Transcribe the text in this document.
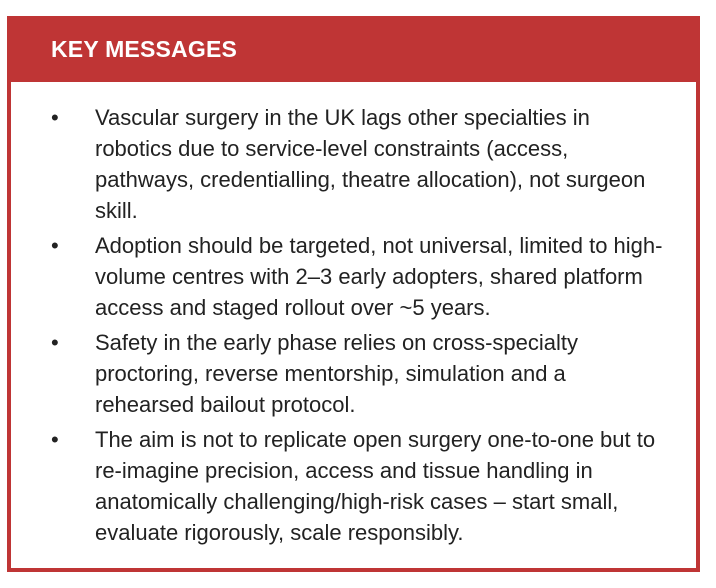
KEY MESSAGES
•	Vascular surgery in the UK lags other specialties in robotics due to service-level constraints (access, pathways, credentialling, theatre allocation), not surgeon skill.
•	Adoption should be targeted, not universal, limited to high-volume centres with 2–3 early adopters, shared platform access and staged rollout over ~5 years.
•	Safety in the early phase relies on cross-specialty proctoring, reverse mentorship, simulation and a rehearsed bailout protocol.
•	The aim is not to replicate open surgery one-to-one but to re-imagine precision, access and tissue handling in anatomically challenging/high-risk cases – start small, evaluate rigorously, scale responsibly.
